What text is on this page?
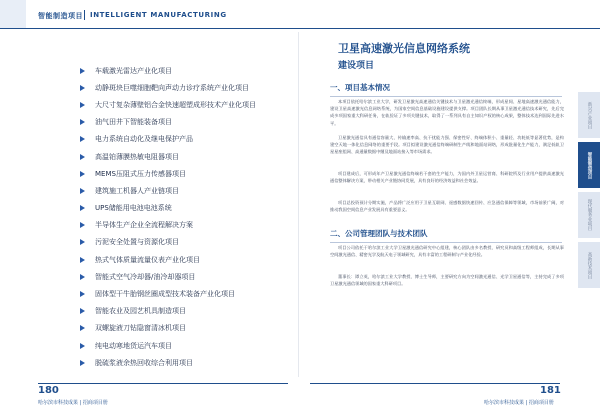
智能制造项目 INTELLIGENT MANUFACTURING
车载激光雷达产业化项目
动静斑块巨噬细胞靶向声动力诊疗系统产业化项目
大尺寸复杂薄壁铝合金快速超塑成形技术产业化项目
油气田井下智能装备项目
电力系统自动化及继电保护产品
高温铂薄膜热敏电阻器项目
MEMS压阻式压力传感器项目
建筑施工机器人产业链项目
UPS储能用电池电池系统
半导体生产企业全流程解决方案
污泥安全处置与资源化项目
热式气体质量流量仪表产业化项目
智能式空气冷却器/油冷却器项目
固体型干牛胎钢丝圈成型技术装备产业化项目
智能农业及园艺机具制造项目
双螺旋液刀钻隐窗清冰机项目
纯电动寒地货运汽车项目
脱硫浆液余热回收综合利用项目
卫星高速激光信息网络系统
建设项目
一、项目基本情况

本项目依托哈尔滨工业大学，研发卫星激光高速通信关键技术与卫星激光通信终端，形成星间、星地高速激光通信能力，建设卫星高速激光信息网络系统，为国家空间信息基础设施建设提供支撑。项目团队长期从事卫星激光通信技术研究，先后完成多项国家重大科研任务，在轨验证了多项关键技术，取得了一系列具有自主知识产权的核心成果，整体技术达到国际先进水平。

卫星激光通信具有通信容量大、传输速率高、抗干扰能力强、保密性好、终端体积小、重量轻、功耗低等显著优势，是构建空天地一体化信息网络的重要手段。项目拟建设激光通信终端研制生产线和地面站网络，形成批量化生产能力，满足低轨卫星星座组网、高通量数据中继及地面站接入等市场需求。

项目建成后，可形成年产卫星激光通信终端若干套的生产能力，为国内外卫星运营商、科研院所及行业用户提供高速激光通信整体解决方案，带动相关产业链协同发展，具有良好的经济效益和社会效益。

项目总投资预计分期实施，产品将广泛应用于卫星互联网、遥感数据快速回传、应急通信保障等领域，市场前景广阔，对推动我国空间信息产业发展具有重要意义。

二、公司管理团队与技术团队

项目公司依托于哈尔滨工业大学卫星激光通信研究中心组建，核心团队由多名教授、研究员和高级工程师组成，长期从事空间激光通信、精密光学及航天电子领域研究，具有丰富的工程研制与产业化经验。

董事长：谭立英，哈尔滨工业大学教授、博士生导师，主要研究方向为空间激光通信、光学卫星通信等，主持完成了多项卫星激光通信领域的国家重大科研项目。

新兴产业项目
智能制造项目
现代服务业项目
高新技术项目
180	181
哈尔滨市科技成果 | 招商项目册	哈尔滨市科技成果 | 招商项目册
